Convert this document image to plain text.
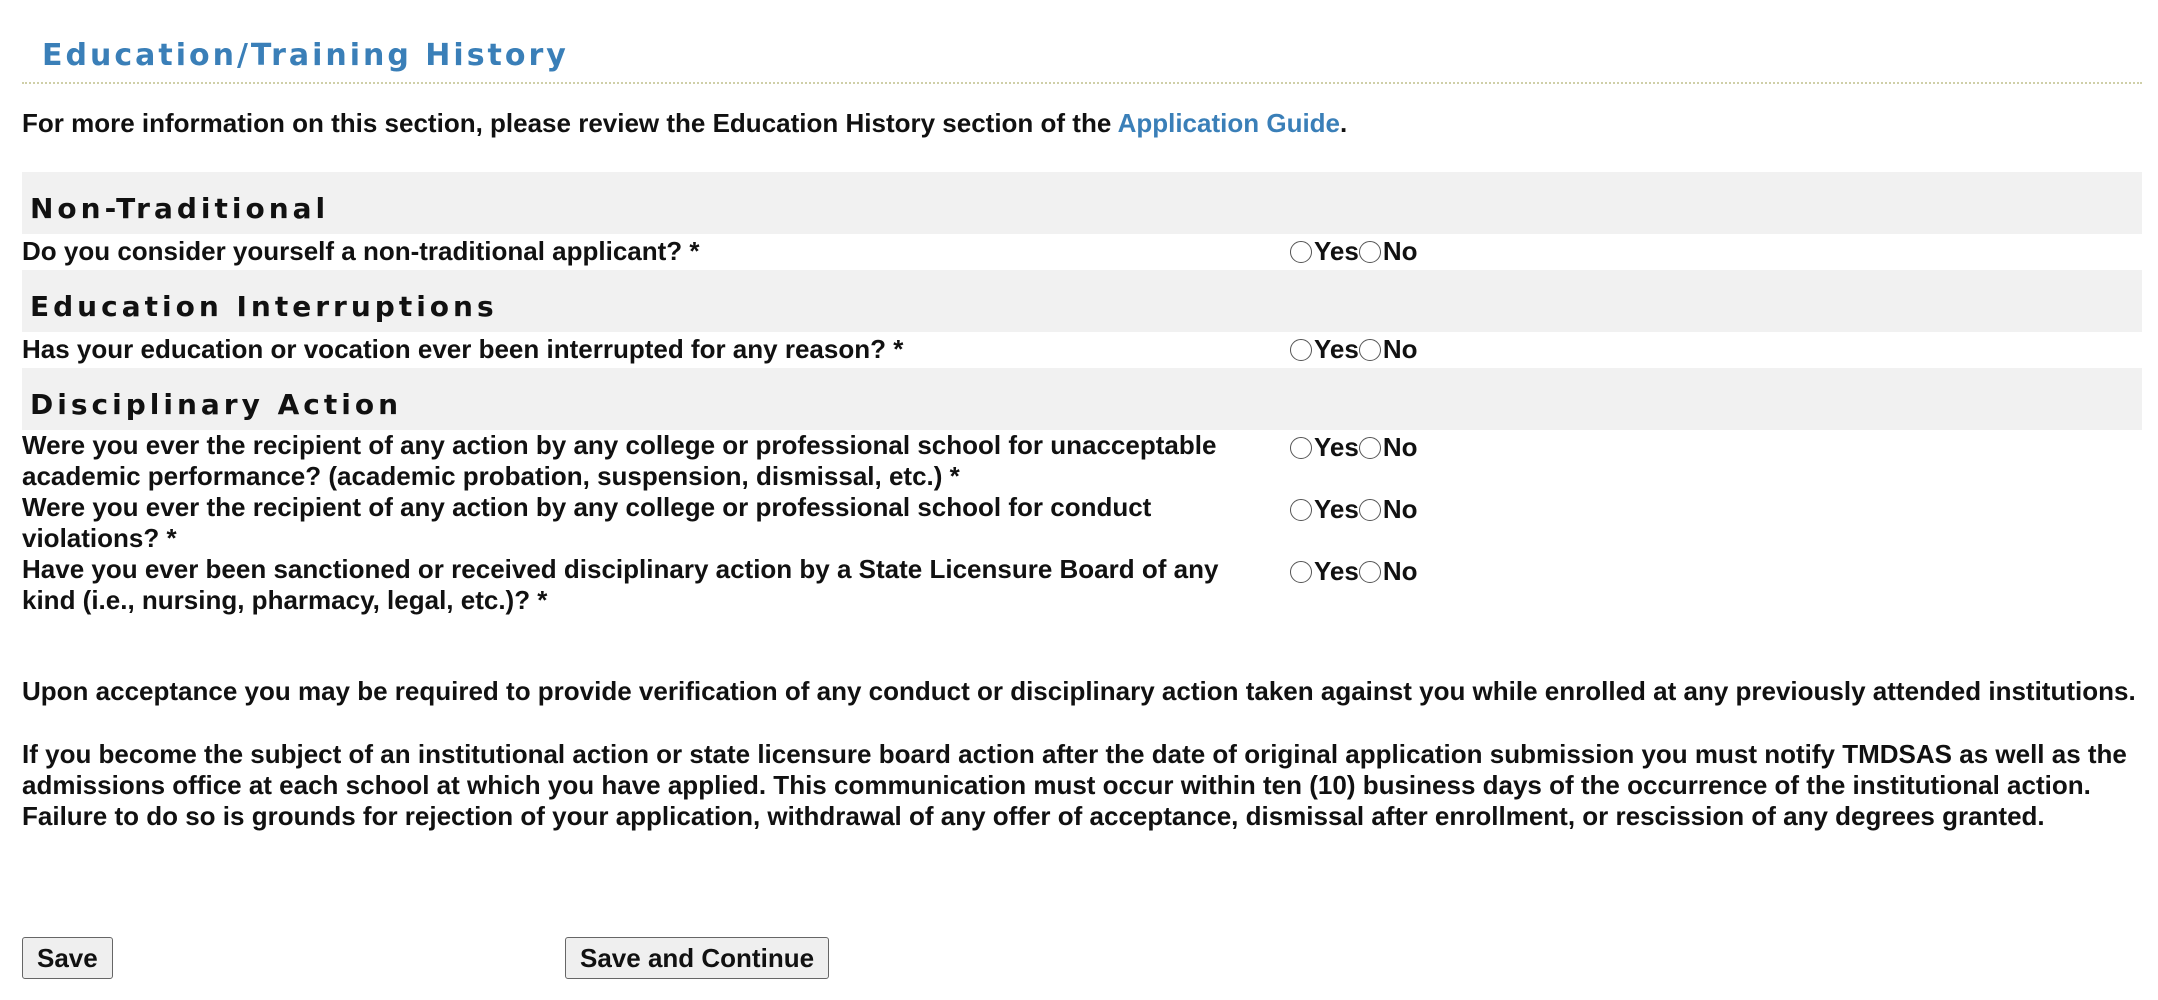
Education/Training History

For more information on this section, please review the Education History section of the Application Guide.

Non-Traditional
Do you consider yourself a non-traditional applicant? *	Yes No
Education Interruptions
Has your education or vocation ever been interrupted for any reason? *	Yes No
Disciplinary Action
Were you ever the recipient of any action by any college or professional school for unacceptable academic performance? (academic probation, suspension, dismissal, etc.) *
Yes No
Were you ever the recipient of any action by any college or professional school for conduct violations? *
Yes No
Have you ever been sanctioned or received disciplinary action by a State Licensure Board of any kind (i.e., nursing, pharmacy, legal, etc.)? *
Yes No

Upon acceptance you may be required to provide verification of any conduct or disciplinary action taken against you while enrolled at any previously attended institutions.

If you become the subject of an institutional action or state licensure board action after the date of original application submission you must notify TMDSAS as well as the admissions office at each school at which you have applied. This communication must occur within ten (10) business days of the occurrence of the institutional action. Failure to do so is grounds for rejection of your application, withdrawal of any offer of acceptance, dismissal after enrollment, or rescission of any degrees granted.

Save	Save and Continue
